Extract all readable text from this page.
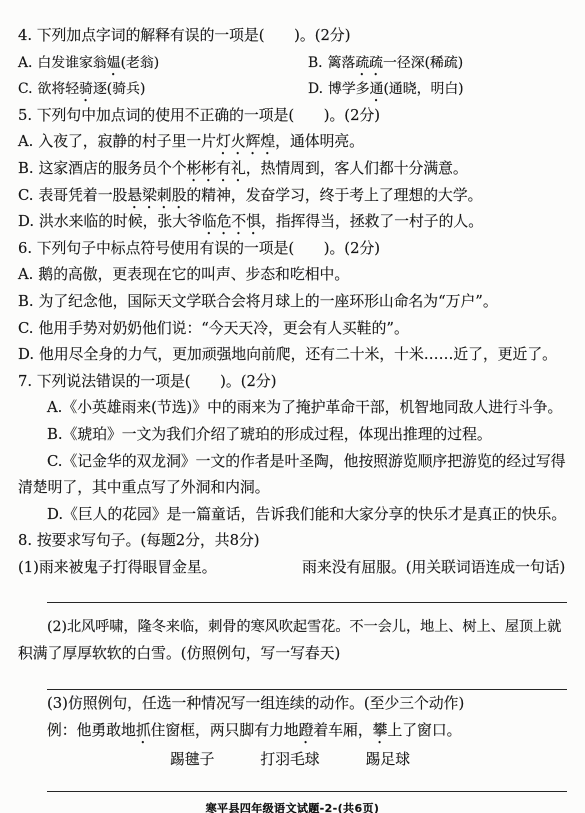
4. 下列加点字词的解释有误的一项是(　　)。(2分)
A. 白发谁家翁媪(老翁)	B. 篱落疏疏一径深(稀疏)
C. 欲将轻骑逐(骑兵)	D. 博学多通(通晓，明白)
5. 下列句中加点词的使用不正确的一项是(　　)。(2分)
A. 入夜了，寂静的村子里一片灯火辉煌，通体明亮。
B. 这家酒店的服务员个个彬彬有礼，热情周到，客人们都十分满意。
C. 表哥凭着一股悬梁刺股的精神，发奋学习，终于考上了理想的大学。
D. 洪水来临的时候，张大爷临危不惧，指挥得当，拯救了一村子的人。
6. 下列句子中标点符号使用有误的一项是(　　)。(2分)
A. 鹅的高傲，更表现在它的叫声、步态和吃相中。
B. 为了纪念他，国际天文学联合会将月球上的一座环形山命名为“万户”。
C. 他用手势对奶奶他们说：“今天天冷，更会有人买鞋的”。
D. 他用尽全身的力气，更加顽强地向前爬，还有二十米，十米……近了，更近了。
7. 下列说法错误的一项是(　　)。(2分)
A.《小英雄雨来(节选)》中的雨来为了掩护革命干部，机智地同敌人进行斗争。
B.《琥珀》一文为我们介绍了琥珀的形成过程，体现出推理的过程。
C.《记金华的双龙洞》一文的作者是叶圣陶，他按照游览顺序把游览的经过写得
清楚明了，其中重点写了外洞和内洞。
D.《巨人的花园》是一篇童话，告诉我们能和大家分享的快乐才是真正的快乐。
8. 按要求写句子。(每题2分，共8分)
(1)雨来被鬼子打得眼冒金星。	雨来没有屈服。(用关联词语连成一句话)
(2)北风呼啸，隆冬来临，刺骨的寒风吹起雪花。不一会儿，地上、树上、屋顶上就
积满了厚厚软软的白雪。(仿照例句，写一写春天)
(3)仿照例句，任选一种情况写一组连续的动作。(至少三个动作)
例：他勇敢地抓住窗框，两只脚有力地蹬着车厢，攀上了窗口。
踢毽子	打羽毛球	踢足球
寒平县四年级语文试题-2-(共6页)
